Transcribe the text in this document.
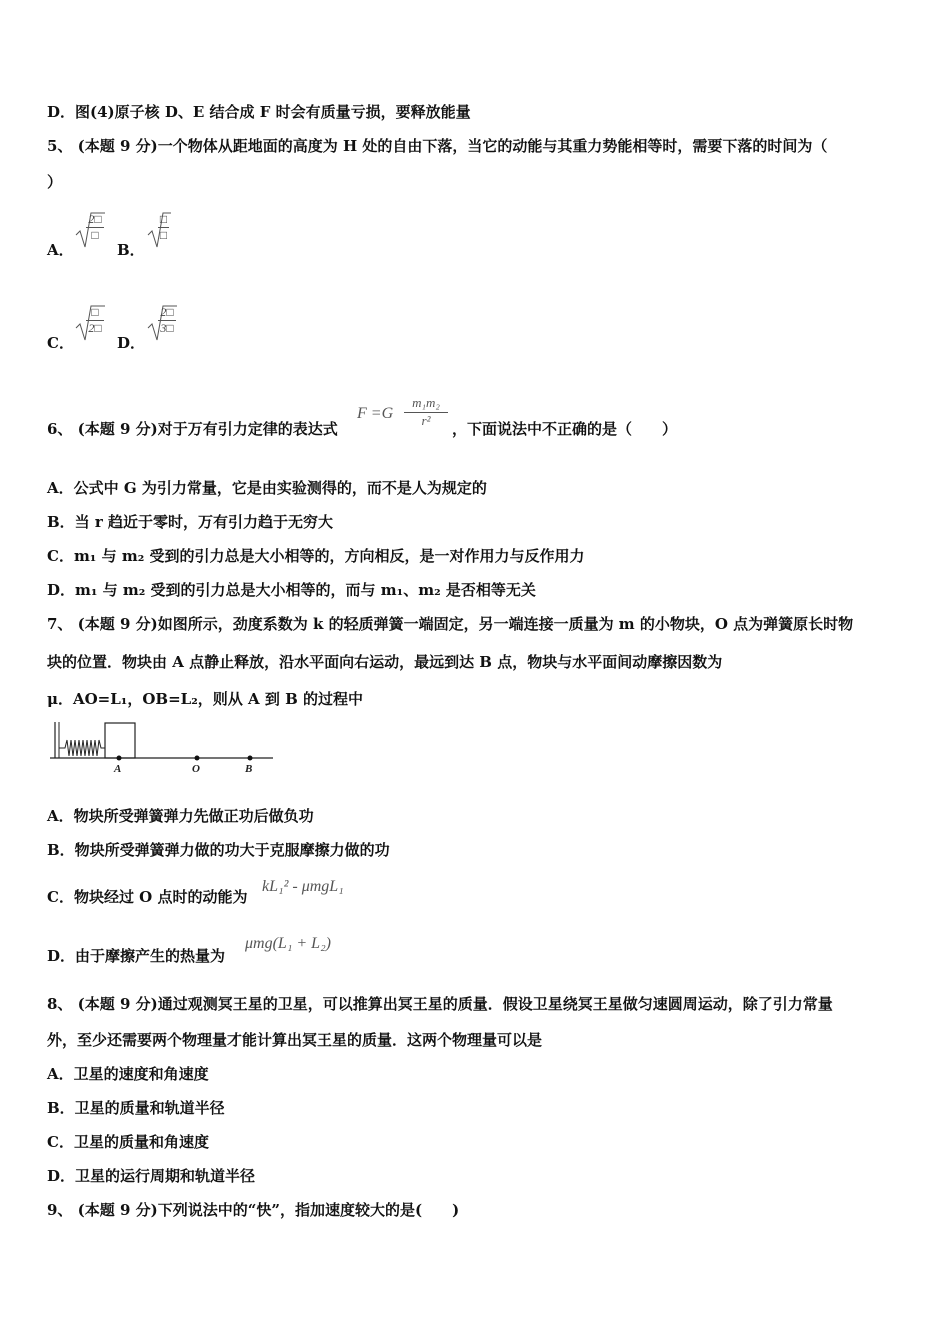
D．图(4)原子核 D、E 结合成 F 时会有质量亏损，要释放能量
5、 (本题 9 分)一个物体从距地面的高度为 H 处的自由下落，当它的动能与其重力势能相等时，需要下落的时间为（
）
A．
2□
□
B．
□
□
C．
□
2□
D．
$\frac{2□}{3□}$
6、 (本题 9 分)对于万有引力定律的表达式
$F =G \frac{\text{m₁m₂}}{\text{r²}}$ ，下面说法中不正确的是（　　）
A．公式中 G 为引力常量，它是由实验测得的，而不是人为规定的
B．当 r 趋近于零时，万有引力趋于无穷大
C．m₁ 与 m₂ 受到的引力总是大小相等的，方向相反，是一对作用力与反作用力
D．m₁ 与 m₂ 受到的引力总是大小相等的，而与 m₁、m₂ 是否相等无关
7、 (本题 9 分)如图所示，劲度系数为 k 的轻质弹簧一端固定，另一端连接一质量为 m 的小物块，O 点为弹簧原长时物
块的位置．物块由 A 点静止释放，沿水平面向右运动，最远到达 B 点，物块与水平面间动摩擦因数为
μ．AO=L₁，OB=L₂，则从 A 到 B 的过程中
A	O	B
A．物块所受弹簧弹力先做正功后做负功
B．物块所受弹簧弹力做的功大于克服摩擦力做的功
C．物块经过 O 点时的动能为
kL₁² - μmgL₁
D．由于摩擦产生的热量为
μmg(L₁ + L₂)
8、 (本题 9 分)通过观测冥王星的卫星，可以推算出冥王星的质量．假设卫星绕冥王星做匀速圆周运动，除了引力常量
外，至少还需要两个物理量才能计算出冥王星的质量．这两个物理量可以是
A．卫星的速度和角速度
B．卫星的质量和轨道半径
C．卫星的质量和角速度
D．卫星的运行周期和轨道半径
9、 (本题 9 分)下列说法中的“快”，指加速度较大的是(　　)
